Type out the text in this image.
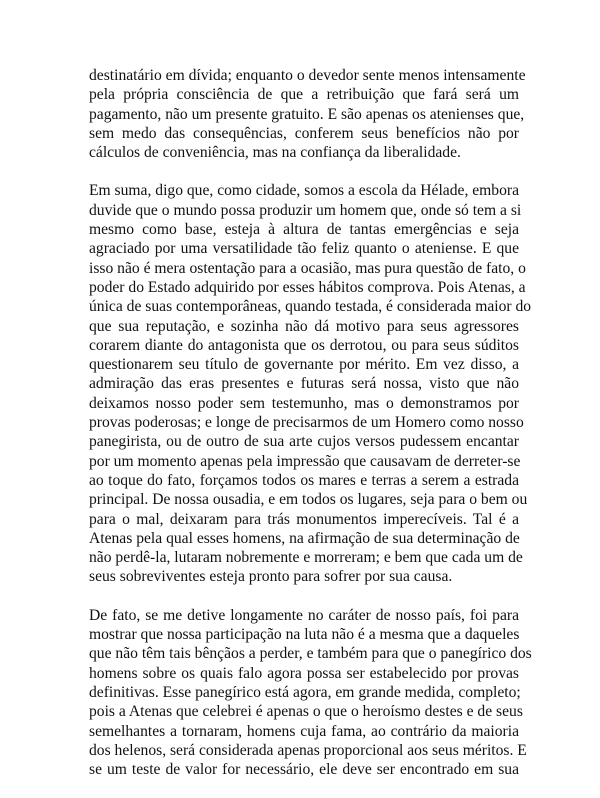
destinatário em dívida; enquanto o devedor sente menos intensamente
pela própria consciência de que a retribuição que fará será um
pagamento, não um presente gratuito. E são apenas os atenienses que,
sem medo das consequências, conferem seus benefícios não por
cálculos de conveniência, mas na confiança da liberalidade.

Em suma, digo que, como cidade, somos a escola da Hélade, embora
duvide que o mundo possa produzir um homem que, onde só tem a si
mesmo como base, esteja à altura de tantas emergências e seja
agraciado por uma versatilidade tão feliz quanto o ateniense. E que
isso não é mera ostentação para a ocasião, mas pura questão de fato, o
poder do Estado adquirido por esses hábitos comprova. Pois Atenas, a
única de suas contemporâneas, quando testada, é considerada maior do
que sua reputação, e sozinha não dá motivo para seus agressores
corarem diante do antagonista que os derrotou, ou para seus súditos
questionarem seu título de governante por mérito. Em vez disso, a
admiração das eras presentes e futuras será nossa, visto que não
deixamos nosso poder sem testemunho, mas o demonstramos por
provas poderosas; e longe de precisarmos de um Homero como nosso
panegirista, ou de outro de sua arte cujos versos pudessem encantar
por um momento apenas pela impressão que causavam de derreter-se
ao toque do fato, forçamos todos os mares e terras a serem a estrada
principal. De nossa ousadia, e em todos os lugares, seja para o bem ou
para o mal, deixaram para trás monumentos imperecíveis. Tal é a
Atenas pela qual esses homens, na afirmação de sua determinação de
não perdê-la, lutaram nobremente e morreram; e bem que cada um de
seus sobreviventes esteja pronto para sofrer por sua causa.

De fato, se me detive longamente no caráter de nosso país, foi para
mostrar que nossa participação na luta não é a mesma que a daqueles
que não têm tais bênçãos a perder, e também para que o panegírico dos
homens sobre os quais falo agora possa ser estabelecido por provas
definitivas. Esse panegírico está agora, em grande medida, completo;
pois a Atenas que celebrei é apenas o que o heroísmo destes e de seus
semelhantes a tornaram, homens cuja fama, ao contrário da maioria
dos helenos, será considerada apenas proporcional aos seus méritos. E
se um teste de valor for necessário, ele deve ser encontrado em sua
